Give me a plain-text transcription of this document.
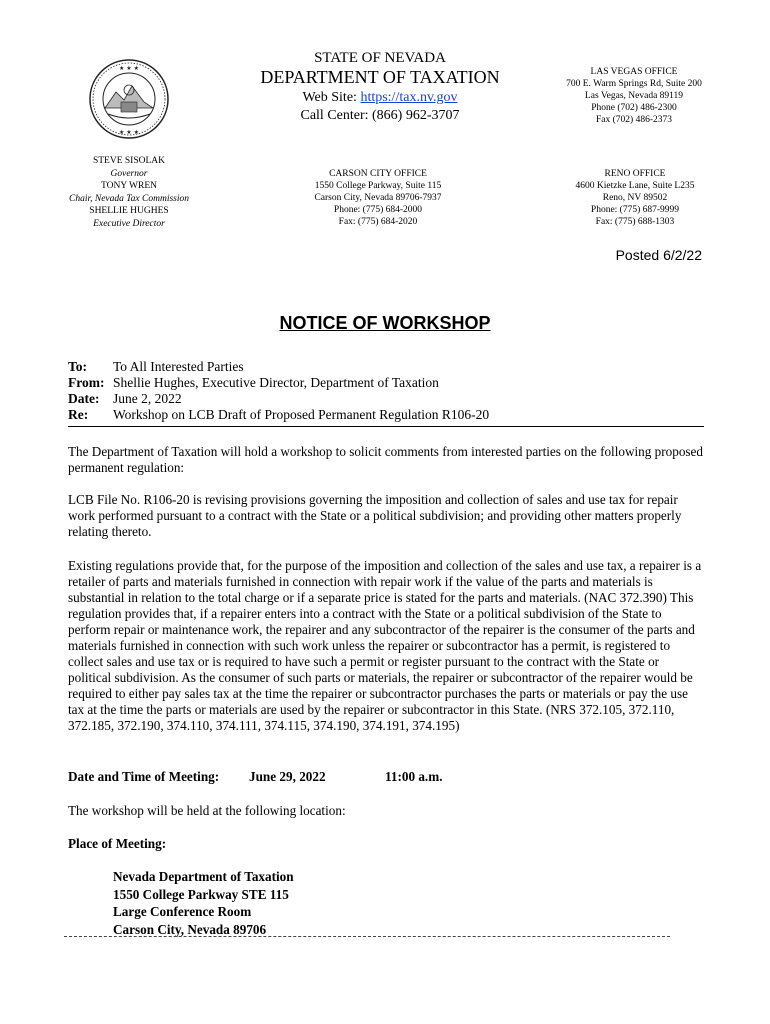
★ ★ ★
★ ★ ★
STATE OF NEVADA
DEPARTMENT OF TAXATION
Web Site: https://tax.nv.gov
Call Center: (866) 962-3707
LAS VEGAS OFFICE
700 E. Warm Springs Rd, Suite 200
Las Vegas, Nevada 89119
Phone (702) 486-2300
Fax (702) 486-2373
STEVE SISOLAK
Governor
TONY WREN
Chair, Nevada Tax Commission
SHELLIE HUGHES
Executive Director
CARSON CITY OFFICE
1550 College Parkway, Suite 115
Carson City, Nevada 89706-7937
Phone: (775) 684-2000
Fax: (775) 684-2020
RENO OFFICE
4600 Kietzke Lane, Suite L235
Reno, NV 89502
Phone: (775) 687-9999
Fax: (775) 688-1303
Posted 6/2/22
NOTICE OF WORKSHOP
To:	To All Interested Parties
From: Shellie Hughes, Executive Director, Department of Taxation
Date:	June 2, 2022
Re:	Workshop on LCB Draft of Proposed Permanent Regulation R106-20
The Department of Taxation will hold a workshop to solicit comments from interested parties on the following proposed permanent regulation:
LCB File No. R106-20 is revising provisions governing the imposition and collection of sales and use tax for repair work performed pursuant to a contract with the State or a political subdivision; and providing other matters properly relating thereto.
Existing regulations provide that, for the purpose of the imposition and collection of the sales and use tax, a repairer is a retailer of parts and materials furnished in connection with repair work if the value of the parts and materials is substantial in relation to the total charge or if a separate price is stated for the parts and materials. (NAC 372.390) This regulation provides that, if a repairer enters into a contract with the State or a political subdivision of the State to perform repair or maintenance work, the repairer and any subcontractor of the repairer is the consumer of the parts and materials furnished in connection with such work unless the repairer or subcontractor has a permit, is registered to collect sales and use tax or is required to have such a permit or register pursuant to the contract with the State or political subdivision. As the consumer of such parts or materials, the repairer or subcontractor of the repairer would be required to either pay sales tax at the time the repairer or subcontractor purchases the parts or materials or pay the use tax at the time the parts or materials are used by the repairer or subcontractor in this State. (NRS 372.105, 372.110, 372.185, 372.190, 374.110, 374.111, 374.115, 374.190, 374.191, 374.195)
Date and Time of Meeting: June 29, 2022	11:00 a.m.
The workshop will be held at the following location:
Place of Meeting:
Nevada Department of Taxation
1550 College Parkway STE 115
Large Conference Room
Carson City, Nevada 89706
